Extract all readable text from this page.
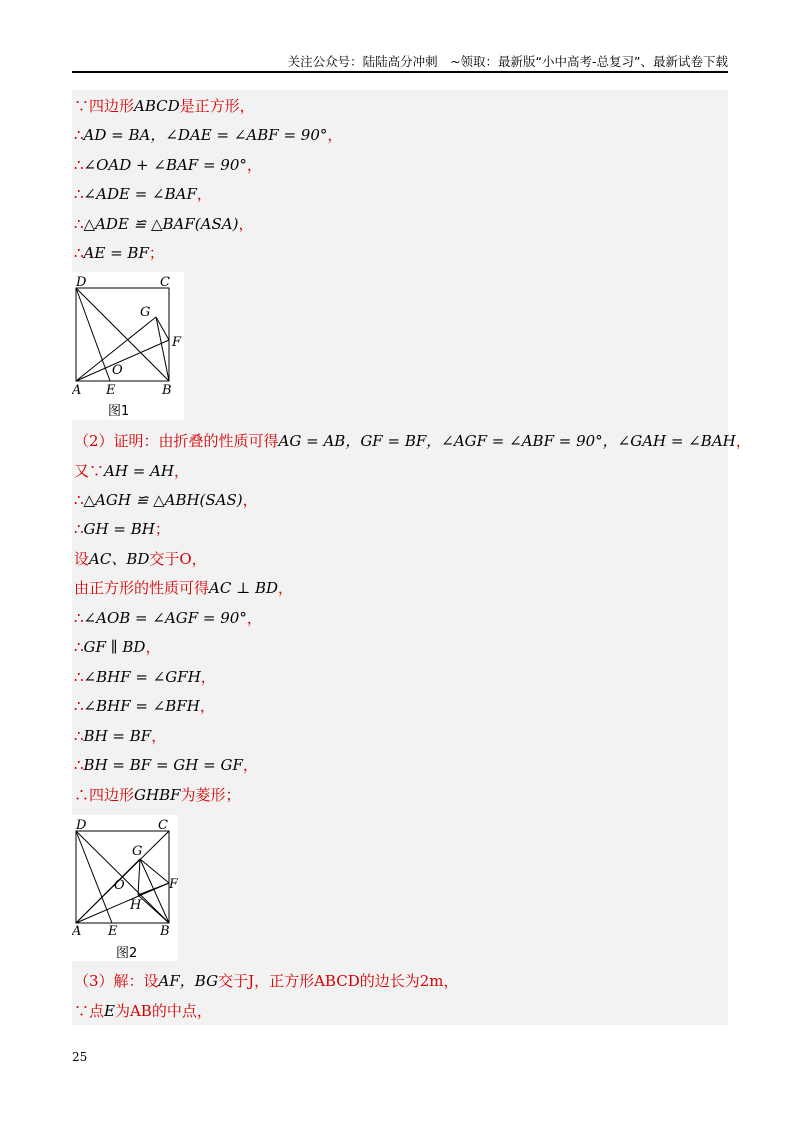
关注公众号：陆陆高分冲刺　~领取：最新版“小中高考-总复习”、最新试卷下载
∵四边形ABCD是正方形，
∴AD = BA，∠DAE = ∠ABF = 90°，
∴∠OAD + ∠BAF = 90°，
∴∠ADE = ∠BAF，
∴△ADE ≌ △BAF(ASA)，
∴AE = BF；
D	C
G
F
O
A E	B
图1
（2）证明：由折叠的性质可得AG = AB，GF = BF，∠AGF = ∠ABF = 90°，∠GAH = ∠BAH，
又∵AH = AH，
∴△AGH ≌ △ABH(SAS)，
∴GH = BH；
设AC、BD交于O，
由正方形的性质可得AC ⊥ BD，
∴∠AOB = ∠AGF = 90°，
∴GF ∥ BD，
∴∠BHF = ∠GFH，
∴∠BHF = ∠BFH，
∴BH = BF，
∴BH = BF = GH = GF，
∴四边形GHBF为菱形；
D	C
G
F
O
H
A E	B
图2
（3）解：设AF，BG交于J，正方形ABCD的边长为2m，
∵点E为AB的中点，
25
